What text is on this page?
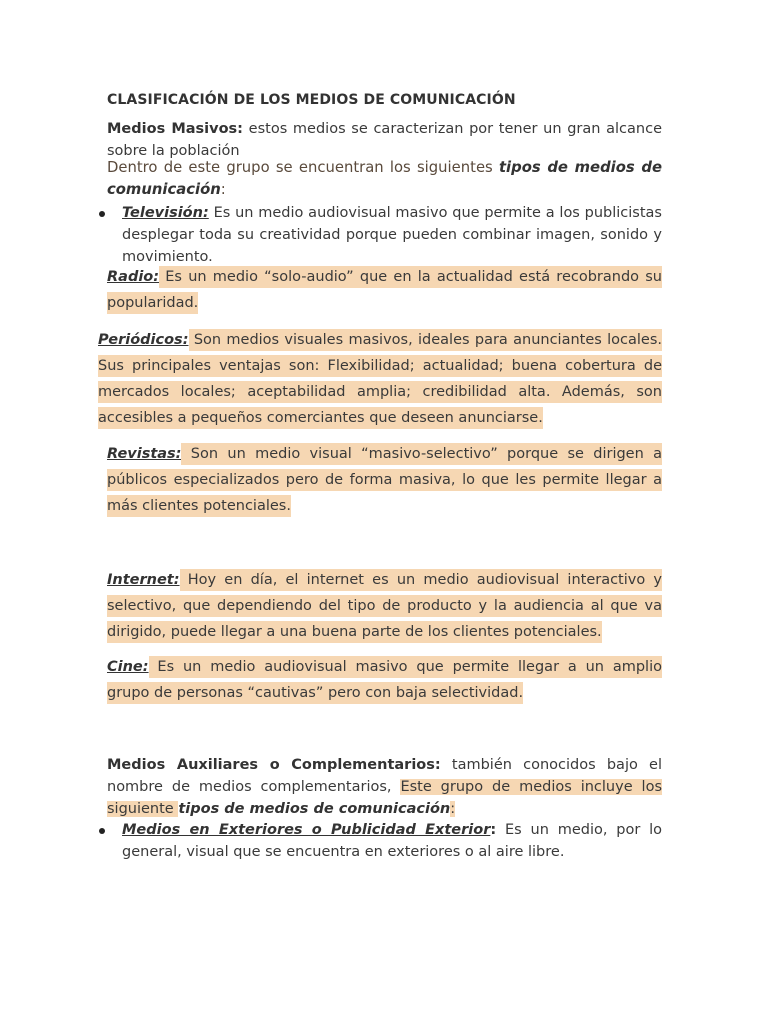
CLASIFICACIÓN DE LOS MEDIOS DE COMUNICACIÓN
Medios Masivos: estos medios se caracterizan por tener un gran alcance sobre la población
Dentro de este grupo se encuentran los siguientes tipos de medios de comunicación:
Televisión: Es un medio audiovisual masivo que permite a los publicistas desplegar toda su creatividad porque pueden combinar imagen, sonido y movimiento.
Radio: Es un medio “solo-audio” que en la actualidad está recobrando su popularidad.
Periódicos: Son medios visuales masivos, ideales para anunciantes locales. Sus principales ventajas son: Flexibilidad; actualidad; buena cobertura de mercados locales; aceptabilidad amplia; credibilidad alta. Además, son accesibles a pequeños comerciantes que deseen anunciarse.
Revistas: Son un medio visual “masivo-selectivo” porque se dirigen a públicos especializados pero de forma masiva, lo que les permite llegar a más clientes potenciales.
Internet: Hoy en día, el internet es un medio audiovisual interactivo y selectivo, que dependiendo del tipo de producto y la audiencia al que va dirigido, puede llegar a una buena parte de los clientes potenciales.
Cine: Es un medio audiovisual masivo que permite llegar a un amplio grupo de personas “cautivas” pero con baja selectividad.
Medios Auxiliares o Complementarios: también conocidos bajo el nombre de medios complementarios, Este grupo de medios incluye los siguiente tipos de medios de comunicación:
Medios en Exteriores o Publicidad Exterior: Es un medio, por lo general, visual que se encuentra en exteriores o al aire libre.
